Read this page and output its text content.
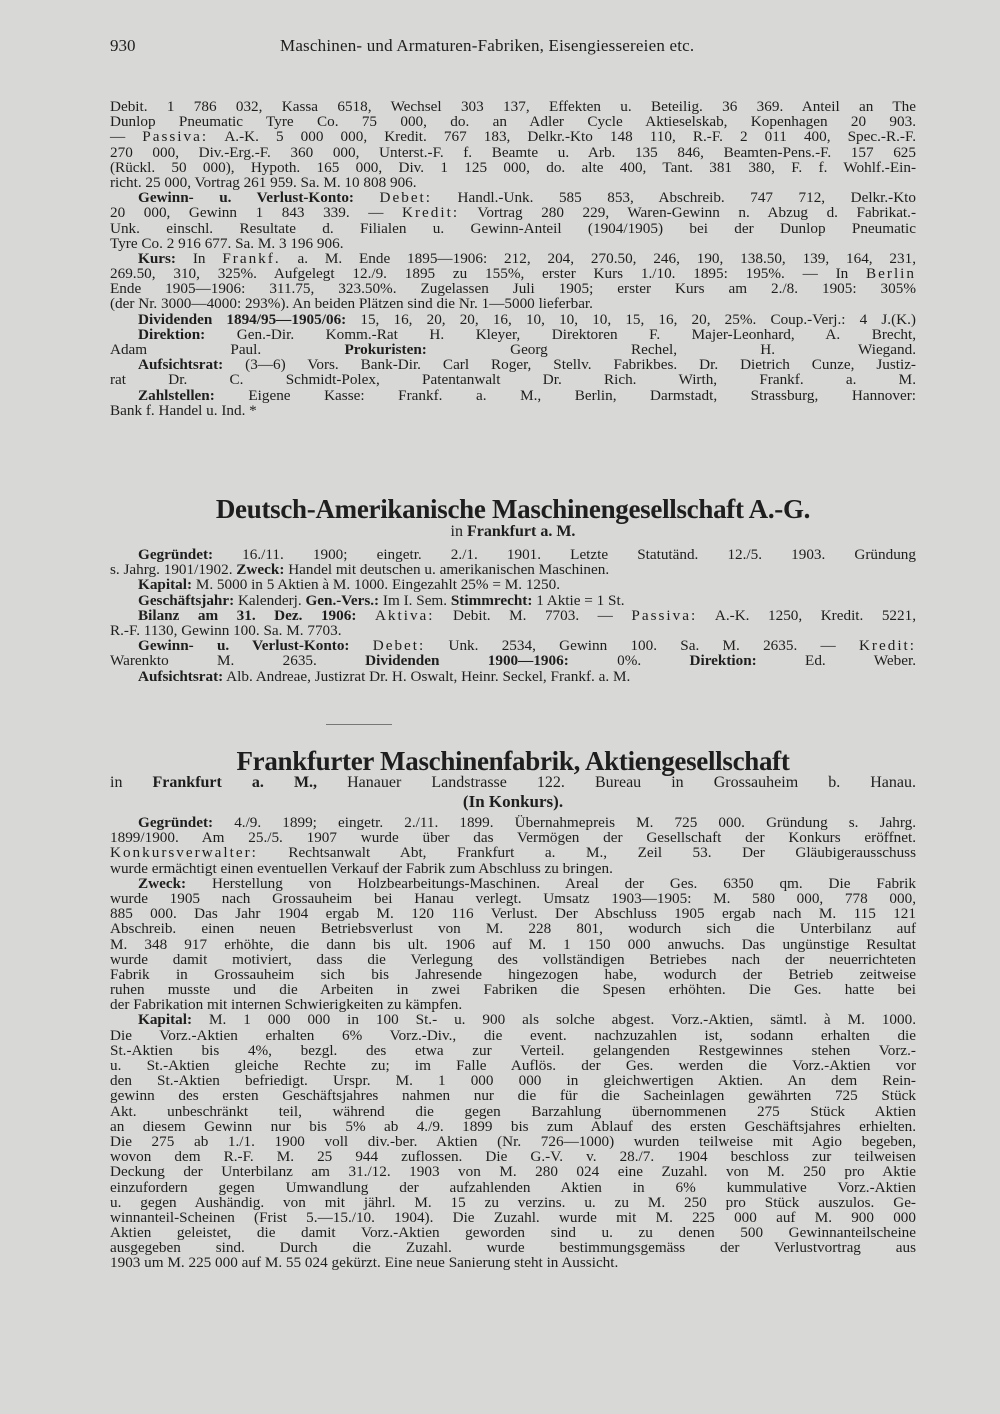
930	Maschinen- und Armaturen-Fabriken, Eisengiessereien etc.
Debit. 1 786 032, Kassa 6518, Wechsel 303 137, Effekten u. Beteilig. 36 369. Anteil an The
Dunlop Pneumatic Tyre Co. 75 000, do. an Adler Cycle Aktieselskab, Kopenhagen 20 903.
— Passiva: A.-K. 5 000 000, Kredit. 767 183, Delkr.-Kto 148 110, R.-F. 2 011 400, Spec.-R.-F.
270 000, Div.-Erg.-F. 360 000, Unterst.-F. f. Beamte u. Arb. 135 846, Beamten-Pens.-F. 157 625
(Rückl. 50 000), Hypoth. 165 000, Div. 1 125 000, do. alte 400, Tant. 381 380, F. f. Wohlf.-Ein-
richt. 25 000, Vortrag 261 959. Sa. M. 10 808 906.
Gewinn- u. Verlust-Konto: Debet: Handl.-Unk. 585 853, Abschreib. 747 712, Delkr.-Kto
20 000, Gewinn 1 843 339. — Kredit: Vortrag 280 229, Waren-Gewinn n. Abzug d. Fabrikat.-
Unk. einschl. Resultate d. Filialen u. Gewinn-Anteil (1904/1905) bei der Dunlop Pneumatic
Tyre Co. 2 916 677. Sa. M. 3 196 906.
Kurs: In Frankf. a. M. Ende 1895—1906: 212, 204, 270.50, 246, 190, 138.50, 139, 164, 231,
269.50, 310, 325%. Aufgelegt 12./9. 1895 zu 155%, erster Kurs 1./10. 1895: 195%. — In Berlin
Ende 1905—1906: 311.75, 323.50%. Zugelassen Juli 1905; erster Kurs am 2./8. 1905: 305%
(der Nr. 3000—4000: 293%). An beiden Plätzen sind die Nr. 1—5000 lieferbar.
Dividenden 1894/95—1905/06: 15, 16, 20, 20, 16, 10, 10, 10, 15, 16, 20, 25%. Coup.-Verj.: 4 J.(K.)
Direktion: Gen.-Dir. Komm.-Rat H. Kleyer, Direktoren F. Majer-Leonhard, A. Brecht,
Adam Paul. Prokuristen: Georg Rechel, H. Wiegand.
Aufsichtsrat: (3—6) Vors. Bank-Dir. Carl Roger, Stellv. Fabrikbes. Dr. Dietrich Cunze, Justiz-
rat Dr. C. Schmidt-Polex, Patentanwalt Dr. Rich. Wirth, Frankf. a. M.
Zahlstellen: Eigene Kasse: Frankf. a. M., Berlin, Darmstadt, Strassburg, Hannover:
Bank f. Handel u. Ind. *
Deutsch-Amerikanische Maschinengesellschaft A.-G.
in Frankfurt a. M.
Gegründet: 16./11. 1900; eingetr. 2./1. 1901. Letzte Statutänd. 12./5. 1903. Gründung
s. Jahrg. 1901/1902. Zweck: Handel mit deutschen u. amerikanischen Maschinen.
Kapital: M. 5000 in 5 Aktien à M. 1000. Eingezahlt 25% = M. 1250.
Geschäftsjahr: Kalenderj. Gen.-Vers.: Im I. Sem. Stimmrecht: 1 Aktie = 1 St.
Bilanz am 31. Dez. 1906: Aktiva: Debit. M. 7703. — Passiva: A.-K. 1250, Kredit. 5221,
R.-F. 1130, Gewinn 100. Sa. M. 7703.
Gewinn- u. Verlust-Konto: Debet: Unk. 2534, Gewinn 100. Sa. M. 2635. — Kredit:
Warenkto M. 2635. Dividenden 1900—1906: 0%. Direktion: Ed. Weber.
Aufsichtsrat: Alb. Andreae, Justizrat Dr. H. Oswalt, Heinr. Seckel, Frankf. a. M.
Frankfurter Maschinenfabrik, Aktiengesellschaft
in Frankfurt a. M., Hanauer Landstrasse 122. Bureau in Grossauheim b. Hanau.
(In Konkurs).
Gegründet: 4./9. 1899; eingetr. 2./11. 1899. Übernahmepreis M. 725 000. Gründung s. Jahrg.
1899/1900. Am 25./5. 1907 wurde über das Vermögen der Gesellschaft der Konkurs eröffnet.
Konkursverwalter: Rechtsanwalt Abt, Frankfurt a. M., Zeil 53. Der Gläubigerausschuss
wurde ermächtigt einen eventuellen Verkauf der Fabrik zum Abschluss zu bringen.
Zweck: Herstellung von Holzbearbeitungs-Maschinen. Areal der Ges. 6350 qm. Die Fabrik
wurde 1905 nach Grossauheim bei Hanau verlegt. Umsatz 1903—1905: M. 580 000, 778 000,
885 000. Das Jahr 1904 ergab M. 120 116 Verlust. Der Abschluss 1905 ergab nach M. 115 121
Abschreib. einen neuen Betriebsverlust von M. 228 801, wodurch sich die Unterbilanz auf
M. 348 917 erhöhte, die dann bis ult. 1906 auf M. 1 150 000 anwuchs. Das ungünstige Resultat
wurde damit motiviert, dass die Verlegung des vollständigen Betriebes nach der neuerrichteten
Fabrik in Grossauheim sich bis Jahresende hingezogen habe, wodurch der Betrieb zeitweise
ruhen musste und die Arbeiten in zwei Fabriken die Spesen erhöhten. Die Ges. hatte bei
der Fabrikation mit internen Schwierigkeiten zu kämpfen.
Kapital: M. 1 000 000 in 100 St.- u. 900 als solche abgest. Vorz.-Aktien, sämtl. à M. 1000.
Die Vorz.-Aktien erhalten 6% Vorz.-Div., die event. nachzuzahlen ist, sodann erhalten die
St.-Aktien bis 4%, bezgl. des etwa zur Verteil. gelangenden Restgewinnes stehen Vorz.-
u. St.-Aktien gleiche Rechte zu; im Falle Auflös. der Ges. werden die Vorz.-Aktien vor
den St.-Aktien befriedigt. Urspr. M. 1 000 000 in gleichwertigen Aktien. An dem Rein-
gewinn des ersten Geschäftsjahres nahmen nur die für die Sacheinlagen gewährten 725 Stück
Akt. unbeschränkt teil, während die gegen Barzahlung übernommenen 275 Stück Aktien
an diesem Gewinn nur bis 5% ab 4./9. 1899 bis zum Ablauf des ersten Geschäftsjahres erhielten.
Die 275 ab 1./1. 1900 voll div.-ber. Aktien (Nr. 726—1000) wurden teilweise mit Agio begeben,
wovon dem R.-F. M. 25 944 zuflossen. Die G.-V. v. 28./7. 1904 beschloss zur teilweisen
Deckung der Unterbilanz am 31./12. 1903 von M. 280 024 eine Zuzahl. von M. 250 pro Aktie
einzufordern gegen Umwandlung der aufzahlenden Aktien in 6% kummulative Vorz.-Aktien
u. gegen Aushändig. von mit jährl. M. 15 zu verzins. u. zu M. 250 pro Stück auszulos. Ge-
winnanteil-Scheinen (Frist 5.—15./10. 1904). Die Zuzahl. wurde mit M. 225 000 auf M. 900 000
Aktien geleistet, die damit Vorz.-Aktien geworden sind u. zu denen 500 Gewinnanteilscheine
ausgegeben sind. Durch die Zuzahl. wurde bestimmungsgemäss der Verlustvortrag aus
1903 um M. 225 000 auf M. 55 024 gekürzt. Eine neue Sanierung steht in Aussicht.
